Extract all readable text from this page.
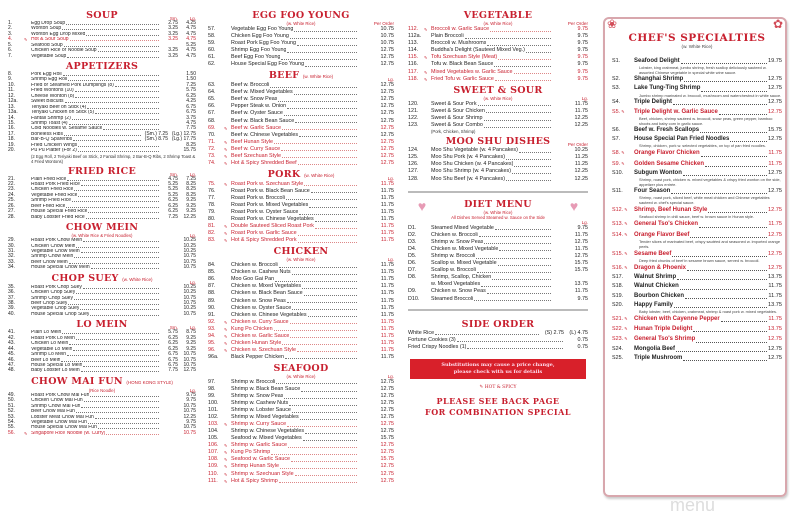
SOUP	Sm.	Lg.
1.	Egg Drop Soup	2.75	4.25
2.	Wonton Soup	3.25	4.75
3.	Wonton Egg Drop Mixed	3.25	4.75
4.	✎ Hot & Sour Soup	3.25	4.75
5.	Seafood Soup	5.25
6.	Chicken Rice or Noodle Soup	3.25	4.75
7.	Vegetable Soup	3.25	4.75
APPETIZERS
8.	Pork Egg Roll	1.50
9.	Shrimp Egg Roll	1.50
10.	Fried or Steamed Pork Dumplings (8)	7.25
11.	Fried Wontons (10)	5.75
12.	Cheese Wonton (8)	6.25
12a.	Sweet Biscuits	4.25
13.	Teriyaki Beef on Stick (4)	6.75
13a.	Teriyaki Chicken on Stick (5)	6.75
14.	Fantail Shrimp (2)	3.75
15.	Shrimp Toast (4)	4.75
16.	Cold Noodles w. Sesame Sauce	7.75
17.	Boneless Ribs	(Sm.) 7.25 (Lg.) 12.75
18.	Bar-B-Q Spareribs	(Sm.) 8.75 (Lg.) 17.75
19.	Fried Chicken Wings	8.25
20.	Pu Pu Platter (For 2)	15.75
(2 Egg Roll, 2 Teriyaki Beef on Stick, 2 Fantail Shrimp, 2 Bar-B-Q Ribs, 2 Shrimp Toast & 4 Fried Wontons)
FRIED RICE	Sm.	Lg.
21.	Plain Fried Rice	4.75	7.25
22.	Roast Pork Fried Rice	5.25	8.25
23.	Chicken Fried Rice	5.25	8.25
24.	Vegetable Fried Rice	5.25	8.25
25.	Shrimp Fried Rice	6.25	9.25
26.	Beef Fried Rice	6.25	9.25
27.	House Special Fried Rice	6.25	9.25
28.	Baby Lobster Fried Rice	7.25	12.25
CHOW MEIN
(w. White Rice & Fried Noodles)	Lg.
29.	Roast Pork Chow Mein	10.25
30.	Chicken Chow Mein	10.25
31.	Vegetable Chow Mein	10.25
32.	Shrimp Chow Mein	10.75
33.	Beef Chow Mein	10.75
34.	House Special Chow Mein	10.75
CHOP SUEY (w. White Rice)
Lg.
35.	Roast Pork Chop Suey	10.25
36.	Chicken Chop Suey	10.25
37.	Shrimp Chop Suey	10.75
38.	Beef Chop Suey	10.75
39.	Vegetable Chop Suey	10.25
40.	House Special Chop Suey	10.75
LO MEIN	Sm.	Lg.
41.	Plain Lo Mein	5.75	8.75
42.	Roast Pork Lo Mein	6.25	9.25
43.	Chicken Lo Mein	6.25	9.25
44.	Vegetable Lo Mein	6.25	9.25
45.	Shrimp Lo Mein	6.75	10.75
46.	Beef Lo Mein	6.75	10.75
47.	House Special Lo Mein	6.75	10.75
48.	Baby Lobster Lo Mein	7.75	12.75
CHOW MAI FUN (HONG KONG STYLE)
(Rice Noodle)	Lg.
49.	Roast Pork Chow Mai Fun	9.75
50.	Chicken Chow Mai Fun	9.75
51.	Shrimp Chow Mai Fun	10.75
52.	Beef Chow Mai Fun	10.75
53.	Lobster Meat Chow Mai Fun	12.25
54.	Vegetable Chow Mai Fun	9.75
55.	House Special Chow Mai Fun	10.75
56.	✎ Singapore Rice Noodle (w. Curry)	10.75
EGG FOO YOUNG
(w. White Rice)	Per Order
57.	Vegetable Egg Foo Young	10.75
58.	Chicken Egg Foo Young	10.75
59.	Roast Pork Egg Foo Young	10.75
60.	Shrimp Egg Foo Young	12.75
61.	Beef Egg Foo Young	12.75
62.	House Special Egg Foo Young	12.75
BEEF (w. White Rice)
Lg.
63.	Beef w. Broccoli	12.75
64.	Beef w. Mixed Vegetables	12.75
65.	Beef w. Snow Peas	12.75
66.	Pepper Steak w. Onion	12.75
67.	Beef w. Oyster Sauce	12.75
68.	Beef w. Black Bean Sauce	12.75
69.	✎ Beef w. Garlic Sauce	12.75
70.	Beef w. Chinese Vegetables	12.75
71.	✎ Beef Hunan Style	12.75
72.	✎ Beef w. Curry Sauce	12.75
73.	✎ Beef Szechuan Style	12.75
74.	✎ Hot & Spicy Shredded Beef	12.75
PORK (w. White Rice)
Lg.
75.	✎ Roast Pork w. Szechuan Style	11.75
76.	Roast Pork w. Black Bean Sauce	11.75
77.	Roast Pork w. Broccoli	11.75
78.	Roast Pork w. Mixed Vegetables	11.75
79.	Roast Pork w. Oyster Sauce	11.75
80.	Roast Pork w. Chinese Vegetables	11.75
81.	✎ Double Sauteed Sliced Roast Pork	11.75
82.	✎ Roast Pork w. Garlic Sauce	11.75
83.	✎ Hot & Spicy Shredded Pork	11.75
CHICKEN
(w. White Rice)	Lg.
84.	Chicken w. Broccoli	11.75
85.	Chicken w. Cashew Nuts	11.75
86.	Moo Goo Gai Pan	11.75
87.	Chicken w. Mixed Vegetables	11.75
88.	Chicken w. Black Bean Sauce	11.75
89.	Chicken w. Snow Peas	11.75
90.	Chicken w. Oyster Sauce	11.75
91.	Chicken w. Chinese Vegetables	11.75
92.	✎ Chicken w. Curry Sauce	11.75
93.	✎ Kung Po Chicken	11.75
94.	✎ Chicken w. Garlic Sauce	11.75
95.	✎ Chicken Hunan Style	11.75
96.	✎ Chicken w. Szechuan Style	11.75
96a.	Black Pepper Chicken	11.75
SEAFOOD
(w. White Rice)	Lg.
97.	Shrimp w. Broccoli	12.75
98.	Shrimp w. Black Bean Sauce	12.75
99.	Shrimp w. Snow Peas	12.75
100.	Shrimp w. Cashew Nuts	12.75
101.	Shrimp w. Lobster Sauce	12.75
102.	Shrimp w. Mixed Vegetables	12.75
103.	✎ Shrimp w. Curry Sauce	12.75
104.	Shrimp w. Chinese Vegetables	12.75
105.	Seafood w. Mixed Vegetables	15.75
106.	✎ Shrimp w. Garlic Sauce	12.75
107.	✎ Kung Po Shrimp	12.75
108.	✎ Seafood w. Garlic Sauce	15.75
109.	✎ Shrimp Hunan Style	12.75
110.	✎ Shrimp w. Szechuan Style	12.75
111.	✎ Hot & Spicy Shrimp	12.75
VEGETABLE
(w. White Rice)	Per Order
112.	✎ Broccoli w. Garlic Sauce	9.75
112a.	Plain Broccoli	9.75
113.	Broccoli w. Mushrooms	9.75
114.	Buddha's Delight (Sauteed Mixed Veg.)	9.75
115.	✎ Tofu Szechuan Style (Meat)	9.75
116.	Tofu w. Black Bean Sauce	9.75
117.	✎ Mixed Vegetables w. Garlic Sauce	9.75
118.	✎ Fried Tofu w. Garlic Sauce	9.75
SWEET & SOUR
(w. White Rice)	Lg.
120.	Sweet & Sour Pork	11.75
121.	Sweet & Sour Chicken	11.75
122.	Sweet & Sour Shrimp	12.25
123.	Sweet & Sour Combo	12.25
(Pork, Chicken, Shrimp)
MOO SHU DISHES	Per Order
124.	Moo Shu Vegetable (w. 4 Pancakes)	10.25
125.	Moo Shu Pork (w. 4 Pancakes)	11.25
126.	Moo Shu Chicken (w. 4 Pancakes)	11.25
127.	Moo Shu Shrimp (w. 4 Pancakes)	12.25
128.	Moo Shu Beef (w. 4 Pancakes)	12.25
♥	♥
DIET MENU
(w. White Rice)
All Dishes Served Steamed w. Sauce on the Side
Lg.
D1.	Steamed Mixed Vegetable	9.75
D2.	Chicken w. Broccoli	11.75
D3.	Shrimp w. Snow Peas	12.75
D4.	Chicken w. Mixed Vegetable	11.75
D5.	Shrimp w. Broccoli	12.75
D6.	Scallop w. Mixed Vegetable	15.75
D7.	Scallop w. Broccoli	15.75
D8.	Shrimp, Scallop, Chicken
w. Mixed Vegetables	13.75
D9.	Chicken w. Snow Peas	11.75
D10.	Steamed Broccoli	9.75
SIDE ORDER
White Rice	(S) 2.75	(L) 4.75
Fortune Cookies (3)	0.75
Fried Crispy Noodles (1)	0.75
Substitutions may cause a price change,
please check with us for details
✎ HOT & SPICY
PLEASE SEE BACK PAGE
FOR COMBINATION SPECIAL
❀	✿
CHEF'S SPECIALTIES
(w. White Rice)
S1.	Seafood Delight	19.75
Lobster, king crabmeat, jumbo shrimp, fresh scallop deliciously sauteed w. assorted Chinese vegetable in special white wine sauce.
S2.	Shanghai Shrimp	12.75
S3.	Lake Tung-Ting Shrimp	12.75
Jumbo shrimp marinated w. broccoli, mushroom and waterchestnut in white sauce.
S4.	Triple Delight	12.75
S5. ✎	Triple Delight w. Garlic Sauce	12.75
Beef, chicken, shrimp sauteed w. broccoli, snow peas, green pepper, bamboo shoots and baby corn in garlic sauce.
S6.	Beef w. Fresh Scallops	15.75
S7.	House Special Pan Fried Noodles	12.75
Shrimp, chicken, pork w. selected vegetables, on top of pan fried noodles.
S8. ✎	Orange Flavor Chicken	11.75
S9. ✎	Golden Sesame Chicken	11.75
S10.	Subgum Wonton	12.75
Shrimp, roast pork, chicken w. mixed vegetables & crispy fried wonton on the side, appetizer plus entrée.
S11.	Four Season	12.75
Shrimp, roast pork, sliced beef, white meat chicken and Chinese vegetables sauteed w. chef's special sauce.
S12. ✎	Shrimp, Beef Hunan Style	12.75
Seafood shrimp in chili sauce, beef w. brown sauce in Hunan style.
S13. ✎	General Tso's Chicken	11.75
S14. ✎	Orange Flavor Beef	12.75
Tender slices of marinated beef, crispy sautéed and seasoned w. imported orange peels.
S15. ✎	Sesame Beef	12.75
Deep fried chunks of beef in sesame brown sauce, served w. broccoli.
S16. ✎	Dragon & Phoenix	12.75
S17.	Walnut Shrimp	13.75
S18.	Walnut Chicken	11.75
S19.	Bourbon Chicken	11.75
S20.	Happy Family	13.75
Baby lobster, beef, chicken, crabmeat, shrimp & roast pork w. mixed vegetables.
S21. ✎	Chicken with Cayenne Pepper	11.75
S22. ✎	Hunan Triple Delight	13.75
S23. ✎	General Tso's Shrimp	12.75
S24.	Mongolia Beef	12.75
S25.	Triple Mushroom	12.75
menu
